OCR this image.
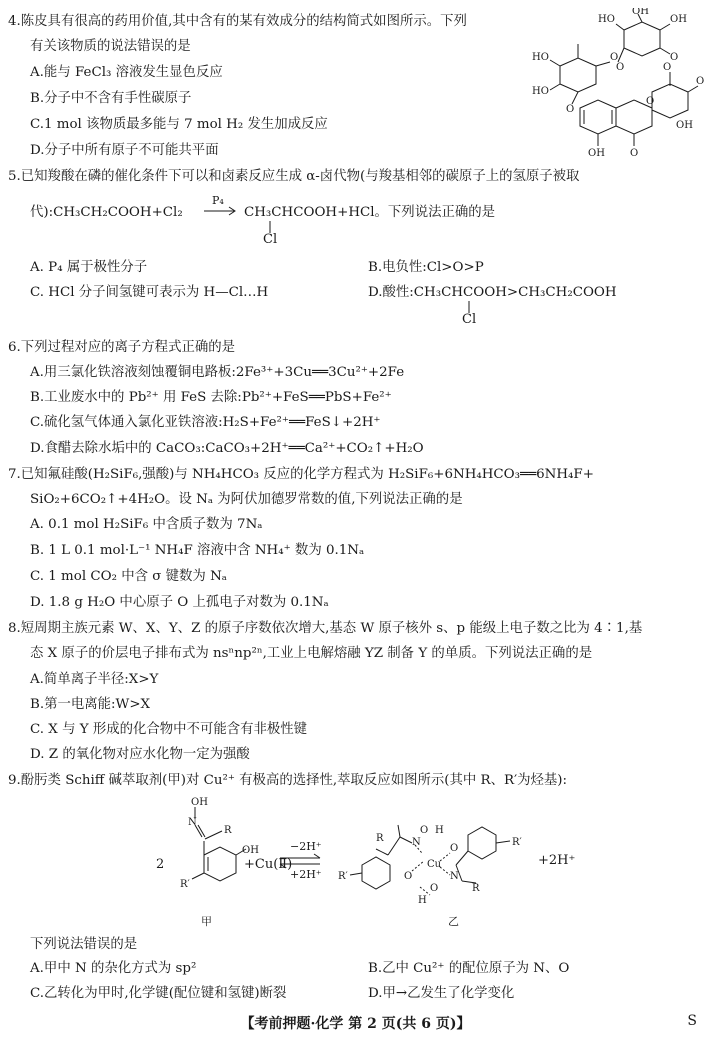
4.陈皮具有很高的药用价值,其中含有的某有效成分的结构简式如图所示。下列
有关该物质的说法错误的是
A.能与 FeCl₃ 溶液发生显色反应
B.分子中不含有手性碳原子
C.1 mol 该物质最多能与 7 mol H₂ 发生加成反应
D.分子中所有原子不可能共平面
OH
OH
HO
HO	O	O
O
HO
O
O
O
O
OH
OH	O
5.已知羧酸在磷的催化条件下可以和卤素反应生成 α-卤代物(与羧基相邻的碳原子上的氢原子被取
代):CH₃CH₂COOH+Cl₂
P₄
CH₃CHCOOH+HCl。下列说法正确的是
Cl
A. P₄ 属于极性分子	B.电负性:Cl>O>P
C. HCl 分子间氢键可表示为 H—Cl…H	D.酸性:CH₃CHCOOH>CH₃CH₂COOH
Cl
6.下列过程对应的离子方程式正确的是
A.用三氯化铁溶液刻蚀覆铜电路板:2Fe³⁺+3Cu══3Cu²⁺+2Fe
B.工业废水中的 Pb²⁺ 用 FeS 去除:Pb²⁺+FeS══PbS+Fe²⁺
C.硫化氢气体通入氯化亚铁溶液:H₂S+Fe²⁺══FeS↓+2H⁺
D.食醋去除水垢中的 CaCO₃:CaCO₃+2H⁺══Ca²⁺+CO₂↑+H₂O
7.已知氟硅酸(H₂SiF₆,强酸)与 NH₄HCO₃ 反应的化学方程式为 H₂SiF₆+6NH₄HCO₃══6NH₄F+
SiO₂+6CO₂↑+4H₂O。设 Nₐ 为阿伏加德罗常数的值,下列说法正确的是
A. 0.1 mol H₂SiF₆ 中含质子数为 7Nₐ
B. 1 L 0.1 mol·L⁻¹ NH₄F 溶液中含 NH₄⁺ 数为 0.1Nₐ
C. 1 mol CO₂ 中含 σ 键数为 Nₐ
D. 1.8 g H₂O 中心原子 O 上孤电子对数为 0.1Nₐ
8.短周期主族元素 W、X、Y、Z 的原子序数依次增大,基态 W 原子核外 s、p 能级上电子数之比为 4∶1,基
态 X 原子的价层电子排布式为 nsⁿnp²ⁿ,工业上电解熔融 YZ 制备 Y 的单质。下列说法正确的是
A.简单离子半径:X>Y
B.第一电离能:W>X
C. X 与 Y 形成的化合物中不可能含有非极性键
D. Z 的氧化物对应水化物一定为强酸
9.酚肟类 Schiff 碱萃取剂(甲)对 Cu²⁺ 有极高的选择性,萃取反应如图所示(其中 R、R′为烃基):
OH
N
R
OH
R′
R	N
O H
O
Cu
O
H
O
N
R
R′
R′
2	+Cu(Ⅱ)
−2H⁺
+2H⁺
+2H⁺
甲	乙
下列说法错误的是
A.甲中 N 的杂化方式为 sp²	B.乙中 Cu²⁺ 的配位原子为 N、O
C.乙转化为甲时,化学键(配位键和氢键)断裂	D.甲→乙发生了化学变化
【考前押题·化学 第 2 页(共 6 页)】	S
